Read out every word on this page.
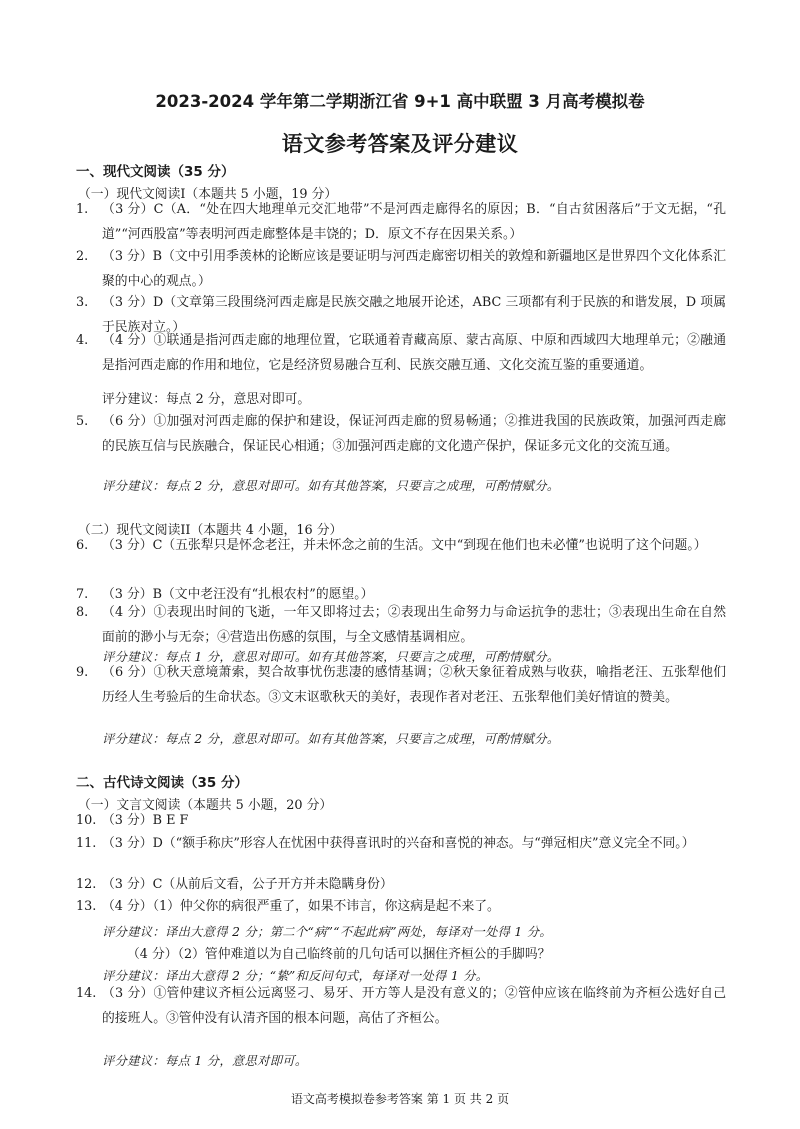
2023-2024 学年第二学期浙江省 9+1 高中联盟 3 月高考模拟卷
语文参考答案及评分建议
一、现代文阅读（35 分）
（一）现代文阅读I（本题共 5 小题，19 分）
1. （3 分）C（A．“处在四大地理单元交汇地带”不是河西走廊得名的原因；B．“自古贫困落后”于文无据，“孔道”“河西股富”等表明河西走廊整体是丰饶的；D．原文不存在因果关系。）
2. （3 分）B（文中引用季羡林的论断应该是要证明与河西走廊密切相关的敦煌和新疆地区是世界四个文化体系汇聚的中心的观点。）
3. （3 分）D（文章第三段围绕河西走廊是民族交融之地展开论述，ABC 三项都有利于民族的和谐发展，D 项属于民族对立。）
4. （4 分）①联通是指河西走廊的地理位置，它联通着青藏高原、蒙古高原、中原和西域四大地理单元；②融通是指河西走廊的作用和地位，它是经济贸易融合互利、民族交融互通、文化交流互鉴的重要通道。
评分建议：每点 2 分，意思对即可。
5. （6 分）①加强对河西走廊的保护和建设，保证河西走廊的贸易畅通；②推进我国的民族政策，加强河西走廊的民族互信与民族融合，保证民心相通；③加强河西走廊的文化遗产保护，保证多元文化的交流互通。
评分建议：每点 2 分，意思对即可。如有其他答案，只要言之成理，可酌情赋分。
（二）现代文阅读II（本题共 4 小题，16 分）
6. （3 分）C（五张犁只是怀念老汪，并未怀念之前的生活。文中“到现在他们也未必懂”也说明了这个问题。）
7. （3 分）B（文中老汪没有“扎根农村”的愿望。）
8. （4 分）①表现出时间的飞逝，一年又即将过去；②表现出生命努力与命运抗争的悲壮；③表现出生命在自然面前的渺小与无奈；④营造出伤感的氛围，与全文感情基调相应。
评分建议：每点 1 分，意思对即可。如有其他答案，只要言之成理，可酌情赋分。
9. （6 分）①秋天意境萧索，契合故事忧伤悲凄的感情基调；②秋天象征着成熟与收获，喻指老汪、五张犁他们历经人生考验后的生命状态。③文末讴歌秋天的美好，表现作者对老汪、五张犁他们美好情谊的赞美。
评分建议：每点 2 分，意思对即可。如有其他答案，只要言之成理，可酌情赋分。
二、古代诗文阅读（35 分）
（一）文言文阅读（本题共 5 小题，20 分）
10. （3 分）B E F
11. （3 分）D（“额手称庆”形容人在忧困中获得喜讯时的兴奋和喜悦的神态。与“弹冠相庆”意义完全不同。）
12. （3 分）C（从前后文看，公子开方并未隐瞒身份）
13. （4 分）（1）仲父你的病很严重了，如果不讳言，你这病是起不来了。
评分建议：译出大意得 2 分；第二个“病”“不起此病”两处，每译对一处得 1 分。
（4 分）（2）管仲难道以为自己临终前的几句话可以捆住齐桓公的手脚吗？
评分建议：译出大意得 2 分；“絷”和反问句式，每译对一处得 1 分。
14. （3 分）①管仲建议齐桓公远离竖刁、易牙、开方等人是没有意义的；②管仲应该在临终前为齐桓公选好自己的接班人。③管仲没有认清齐国的根本问题，高估了齐桓公。
评分建议：每点 1 分，意思对即可。
语文高考模拟卷参考答案 第 1 页 共 2 页
